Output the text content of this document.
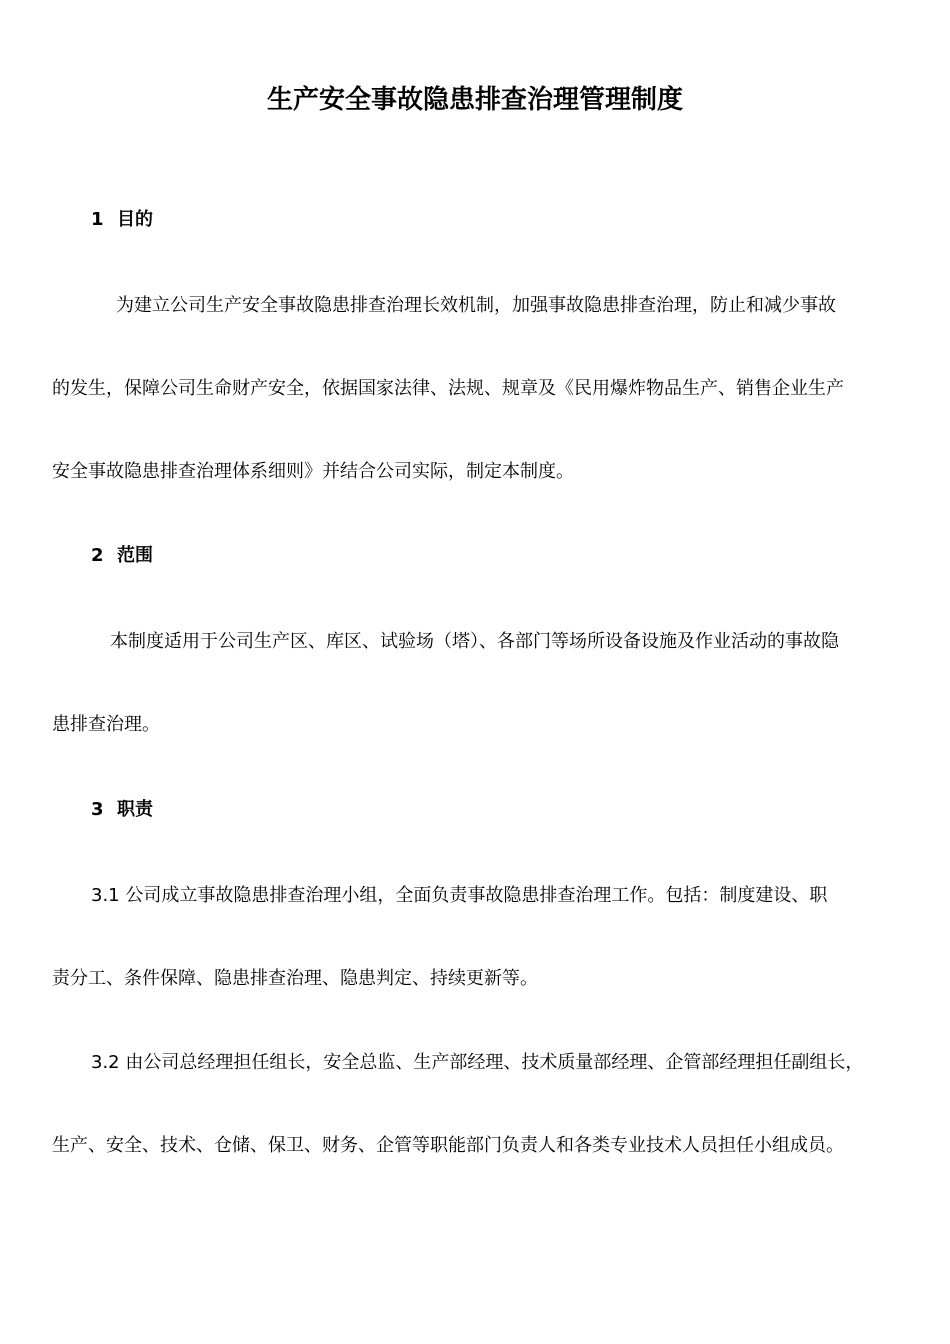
生产安全事故隐患排查治理管理制度
1 目的
为建立公司生产安全事故隐患排查治理长效机制，加强事故隐患排查治理，防止和减少事故
的发生，保障公司生命财产安全，依据国家法律、法规、规章及《民用爆炸物品生产、销售企业生产
安全事故隐患排查治理体系细则》并结合公司实际，制定本制度。
2 范围
本制度适用于公司生产区、库区、试验场（塔）、各部门等场所设备设施及作业活动的事故隐
患排查治理。
3 职责
3.1 公司成立事故隐患排查治理小组，全面负责事故隐患排查治理工作。包括：制度建设、职
责分工、条件保障、隐患排查治理、隐患判定、持续更新等。
3.2 由公司总经理担任组长，安全总监、生产部经理、技术质量部经理、企管部经理担任副组长，
生产、安全、技术、仓储、保卫、财务、企管等职能部门负责人和各类专业技术人员担任小组成员。
